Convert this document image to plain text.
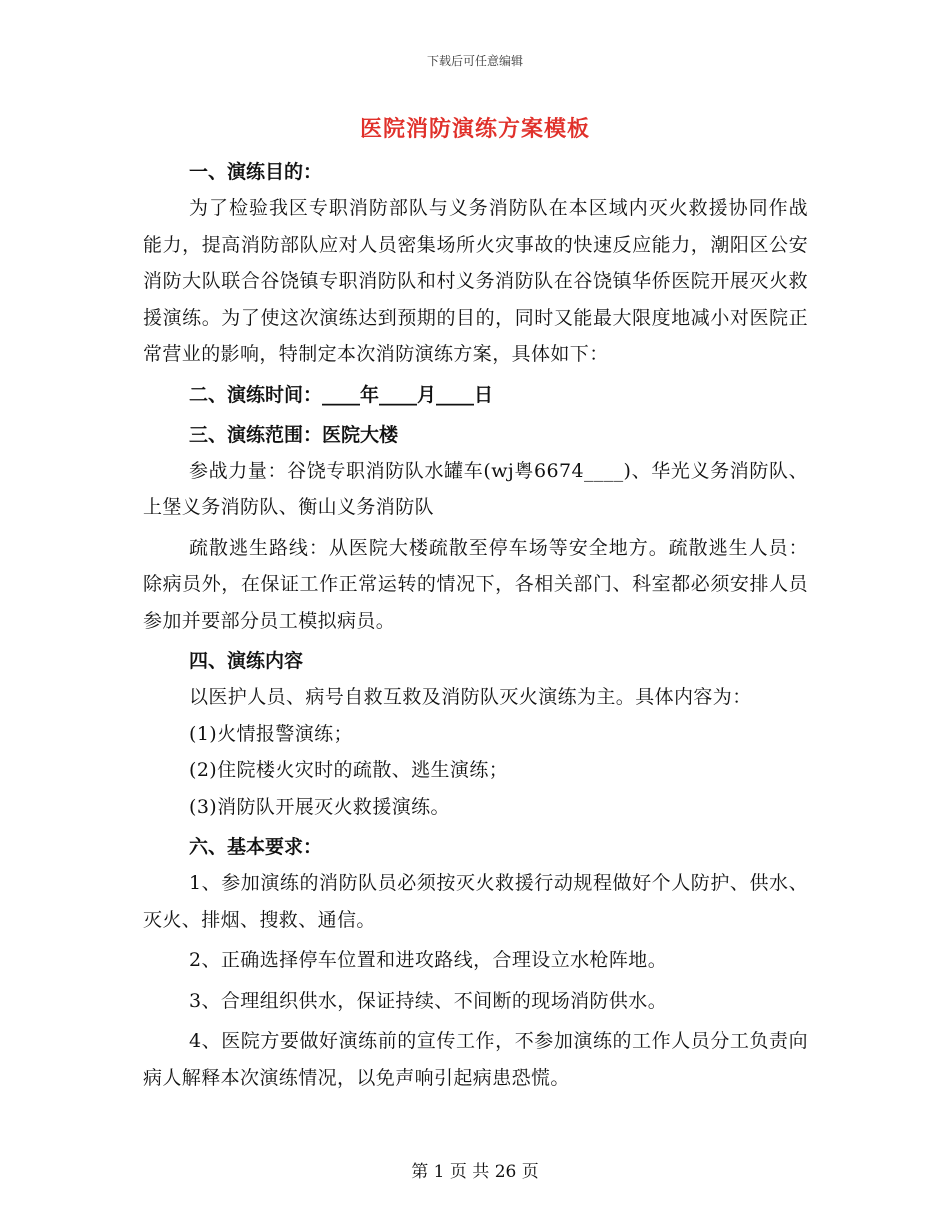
下载后可任意编辑
医院消防演练方案模板
一、演练目的：
为了检验我区专职消防部队与义务消防队在本区域内灭火救援协同作战能力，提高消防部队应对人员密集场所火灾事故的快速反应能力，潮阳区公安消防大队联合谷饶镇专职消防队和村义务消防队在谷饶镇华侨医院开展灭火救援演练。为了使这次演练达到预期的目的，同时又能最大限度地减小对医院正常营业的影响，特制定本次消防演练方案，具体如下：
二、演练时间：____年____月____日
三、演练范围：医院大楼
参战力量：谷饶专职消防队水罐车(wj粤6674____)、华光义务消防队、上堡义务消防队、衡山义务消防队
疏散逃生路线：从医院大楼疏散至停车场等安全地方。疏散逃生人员：除病员外，在保证工作正常运转的情况下，各相关部门、科室都必须安排人员参加并要部分员工模拟病员。
四、演练内容
以医护人员、病号自救互救及消防队灭火演练为主。具体内容为：
(1)火情报警演练；
(2)住院楼火灾时的疏散、逃生演练；
(3)消防队开展灭火救援演练。
六、基本要求：
1、参加演练的消防队员必须按灭火救援行动规程做好个人防护、供水、灭火、排烟、搜救、通信。
2、正确选择停车位置和进攻路线，合理设立水枪阵地。
3、合理组织供水，保证持续、不间断的现场消防供水。
4、医院方要做好演练前的宣传工作，不参加演练的工作人员分工负责向病人解释本次演练情况，以免声响引起病患恐慌。
第 1 页 共 26 页
